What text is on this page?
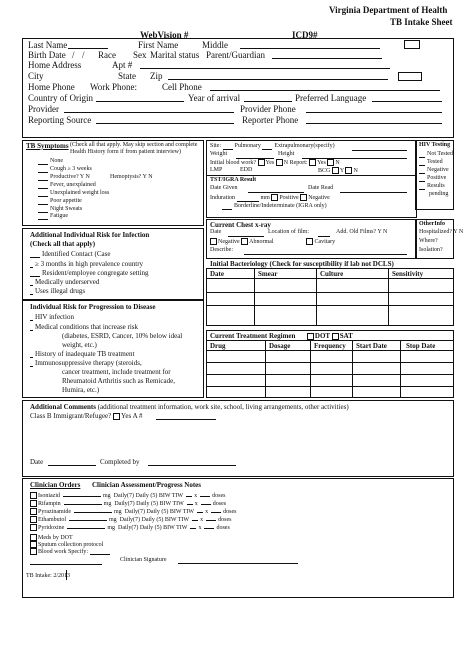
Virginia Department of Health
TB Intake Sheet
WebVision #	ICD9#
Last Name	First Name	Middle
Birth Date / / Race Sex Marital status Parent/Guardian
Home Address	Apt #
City	State Zip
Home Phone Work Phone:	Cell Phone
Country of Origin	Year of arrival	Preferred Language
Provider	Provider Phone
Reporting Source	Reporter Phone
TB Symptoms (Check all that apply. May skip section and complete Health History form if from patient interview)
None
Cough ≥ 3 weeks
Productive? Y N	Hemoptysis? Y N
Fever, unexplained
Unexplained weight loss
Poor appetite
Night Sweats
Fatigue
Site: Pulmonary Extrapulmonary(specify)
Weight	Height
Initial blood work? Yes N Report: Yes N
LMP	EDD	BCG Y N
TST/IGRA Result
Date Given	Date Read
Induration	mm Positive Negative
Borderline/Indeterminate (IGRA only)
HIV Testing
Not Tested
Tested
Negative
Positive
Results
pending
Current Chest x-ray
Date	Location of film:	Add. Old Films? Y N
Negative Abnormal	Cavitary
Describe:
OtherInfo
Hospitalized? Y N
Where?
Isolation?
Additional Individual Risk for Infection
(Check all that apply)
Identified Contact (Case
≥ 3 months in high prevalence country
Resident/employee congregate setting
Medically underserved
Uses illegal drugs
Initial Bacteriology (Check for susceptibility if lab not DCLS)
Date	Smear	Culture	Sensitivity
Individual Risk for Progression to Disease
HIV infection
Medical conditions that increase risk
(diabetes, ESRD, Cancer, 10% below ideal
weight, etc.)
History of inadequate TB treatment
Immunosuppressive therapy (steroids,
cancer treatment, include treatment for
Rheumatoid Arthritis such as Remicade,
Humira, etc.)
Current Treatment Regimen	DOT SAT
Drug	Dosage	Frequency Start Date	Stop Date
Additional Comments (additional treatment information, work site, school, living arrangements, other activities)
Class B Immigrant/Refugee? Yes A #
Date	Completed by
Clinician Orders Clinician Assessment/Progress Notes
Isoniazid	mg Daily(7) Daily (5) BIW TIW x	doses
Rifampin	mg Daily(7) Daily (5) BIW TIW x	doses
Pyrazinamide	mg Daily(7) Daily (5) BIW TIW x	doses
Ethambutol	mg Daily(7) Daily (5) BIW TIW x	doses
Pyridoxine	mg Daily(7) Daily (5) BIW TIW x	doses
Meds by DOT
Sputum collection protocol
Blood work Specify:
Clinician Signature
TB Intake: 2/2013
